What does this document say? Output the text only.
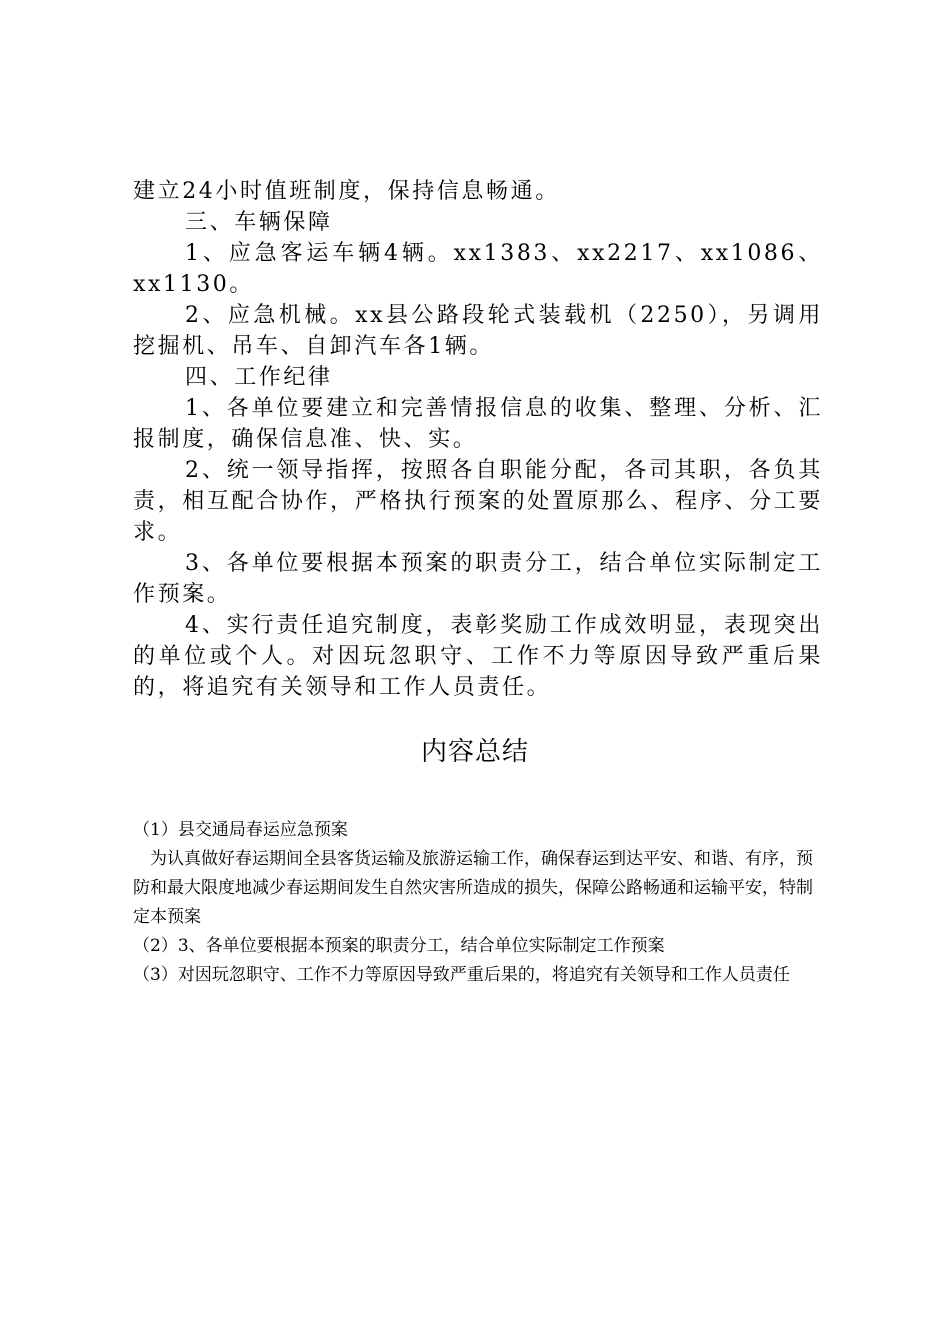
建立24小时值班制度，保持信息畅通。

三、车辆保障

1、应急客运车辆4辆。xx1383、xx2217、xx1086、xx1130。

2、应急机械。xx县公路段轮式装载机（2250），另调用挖掘机、吊车、自卸汽车各1辆。

四、工作纪律

1、各单位要建立和完善情报信息的收集、整理、分析、汇报制度，确保信息准、快、实。

2、统一领导指挥，按照各自职能分配，各司其职，各负其责，相互配合协作，严格执行预案的处置原那么、程序、分工要求。

3、各单位要根据本预案的职责分工，结合单位实际制定工作预案。

4、实行责任追究制度，表彰奖励工作成效明显，表现突出的单位或个人。对因玩忽职守、工作不力等原因导致严重后果的，将追究有关领导和工作人员责任。

内容总结

（1）县交通局春运应急预案

为认真做好春运期间全县客货运输及旅游运输工作，确保春运到达平安、和谐、有序，预防和最大限度地减少春运期间发生自然灾害所造成的损失，保障公路畅通和运输平安，特制定本预案

（2）3、各单位要根据本预案的职责分工，结合单位实际制定工作预案

（3）对因玩忽职守、工作不力等原因导致严重后果的，将追究有关领导和工作人员责任
